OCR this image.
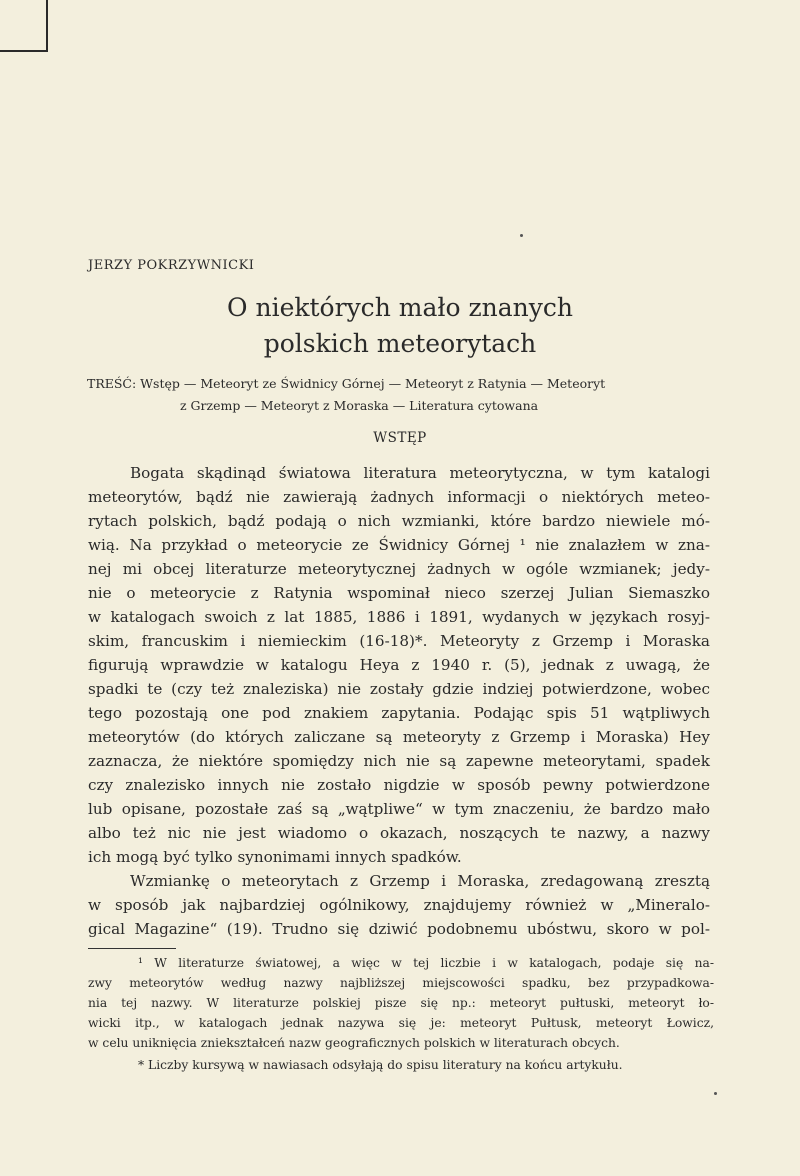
JERZY POKRZYWNICKI
O niektórych mało znanych
polskich meteorytach
TREŚĆ: Wstęp — Meteoryt ze Świdnicy Górnej — Meteoryt z Ratynia — Meteoryt
z Grzemp — Meteoryt z Moraska — Literatura cytowana
WSTĘP
Bogata skądinąd światowa literatura meteorytyczna, w tym katalogi
meteorytów, bądź nie zawierają żadnych informacji o niektórych meteo-
rytach polskich, bądź podają o nich wzmianki, które bardzo niewiele mó-
wią. Na przykład o meteorycie ze Świdnicy Górnej ¹ nie znalazłem w zna-
nej mi obcej literaturze meteorytycznej żadnych w ogóle wzmianek; jedy-
nie o meteorycie z Ratynia wspominał nieco szerzej Julian Siemaszko
w katalogach swoich z lat 1885, 1886 i 1891, wydanych w językach rosyj-
skim, francuskim i niemieckim (16-18)*. Meteoryty z Grzemp i Moraska
figurują wprawdzie w katalogu Heya z 1940 r. (5), jednak z uwagą, że
spadki te (czy też znaleziska) nie zostały gdzie indziej potwierdzone, wobec
tego pozostają one pod znakiem zapytania. Podając spis 51 wątpliwych
meteorytów (do których zaliczane są meteoryty z Grzemp i Moraska) Hey
zaznacza, że niektóre spomiędzy nich nie są zapewne meteorytami, spadek
czy znalezisko innych nie zostało nigdzie w sposób pewny potwierdzone
lub opisane, pozostałe zaś są „wątpliwe“ w tym znaczeniu, że bardzo mało
albo też nic nie jest wiadomo o okazach, noszących te nazwy, a nazwy
ich mogą być tylko synonimami innych spadków.
Wzmiankę o meteorytach z Grzemp i Moraska, zredagowaną zresztą
w sposób jak najbardziej ogólnikowy, znajdujemy również w „Mineralo-
gical Magazine“ (19). Trudno się dziwić podobnemu ubóstwu, skoro w pol-
¹ W literaturze światowej, a więc w tej liczbie i w katalogach, podaje się na-
zwy meteorytów według nazwy najbliższej miejscowości spadku, bez przypadkowa-
nia tej nazwy. W literaturze polskiej pisze się np.: meteoryt pułtuski, meteoryt ło-
wicki itp., w katalogach jednak nazywa się je: meteoryt Pułtusk, meteoryt Łowicz,
w celu uniknięcia zniekształceń nazw geograficznych polskich w literaturach obcych.
* Liczby kursywą w nawiasach odsyłają do spisu literatury na końcu artykułu.
